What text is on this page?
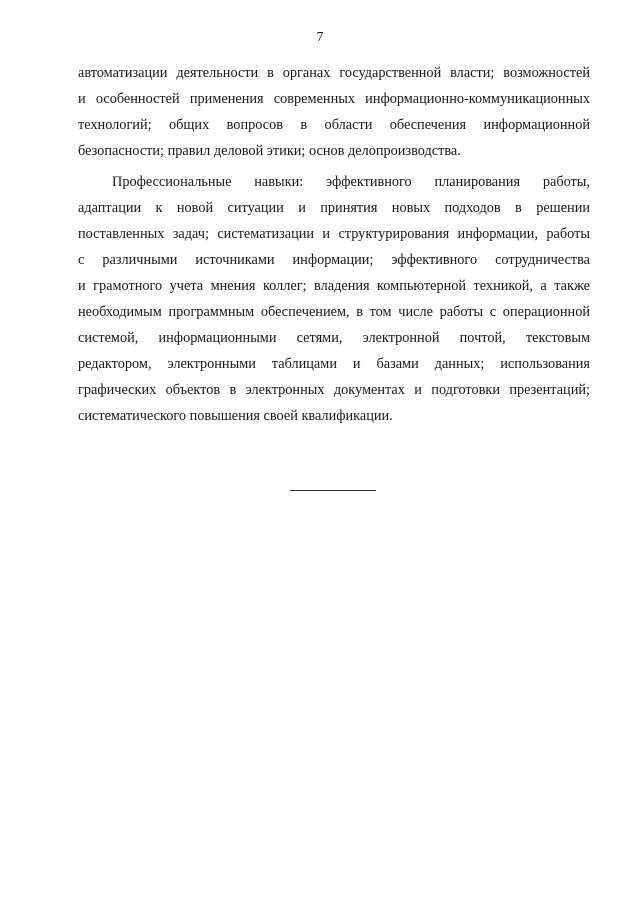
7
автоматизации деятельности в органах государственной власти; возможностей
и особенностей применения современных информационно-коммуникационных
технологий; общих вопросов в области обеспечения информационной
безопасности; правил деловой этики; основ делопроизводства.
Профессиональные навыки: эффективного планирования работы,
адаптации к новой ситуации и принятия новых подходов в решении
поставленных задач; систематизации и структурирования информации, работы
с различными источниками информации; эффективного сотрудничества
и грамотного учета мнения коллег; владения компьютерной техникой, а также
необходимым программным обеспечением, в том числе работы с операционной
системой, информационными сетями, электронной почтой, текстовым
редактором, электронными таблицами и базами данных; использования
графических объектов в электронных документах и подготовки презентаций;
систематического повышения своей квалификации.
